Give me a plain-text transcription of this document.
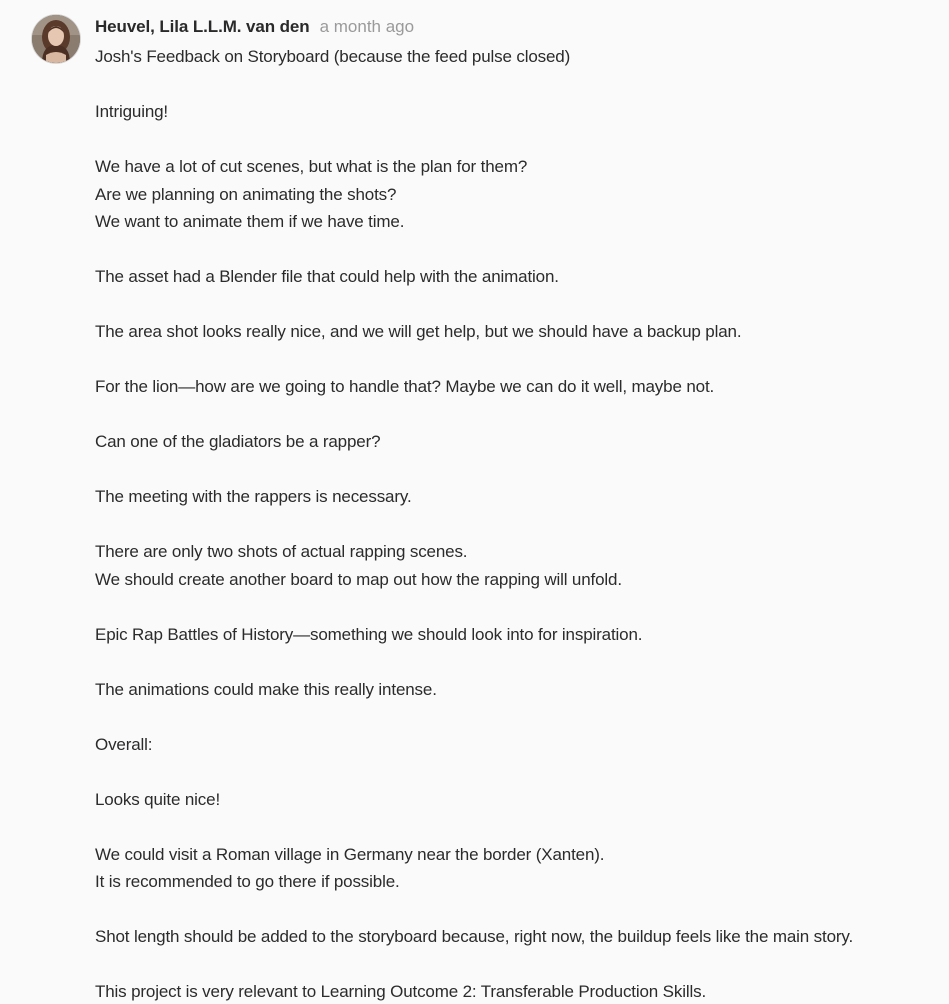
Heuvel, Lila L.L.M. van den a month ago
Josh's Feedback on Storyboard (because the feed pulse closed)
Intriguing!
We have a lot of cut scenes, but what is the plan for them?
Are we planning on animating the shots?
We want to animate them if we have time.
The asset had a Blender file that could help with the animation.
The area shot looks really nice, and we will get help, but we should have a backup plan.
For the lion—how are we going to handle that? Maybe we can do it well, maybe not.
Can one of the gladiators be a rapper?
The meeting with the rappers is necessary.
There are only two shots of actual rapping scenes.
We should create another board to map out how the rapping will unfold.
Epic Rap Battles of History—something we should look into for inspiration.
The animations could make this really intense.
Overall:
Looks quite nice!
We could visit a Roman village in Germany near the border (Xanten).
It is recommended to go there if possible.
Shot length should be added to the storyboard because, right now, the buildup feels like the main story.
This project is very relevant to Learning Outcome 2: Transferable Production Skills.
